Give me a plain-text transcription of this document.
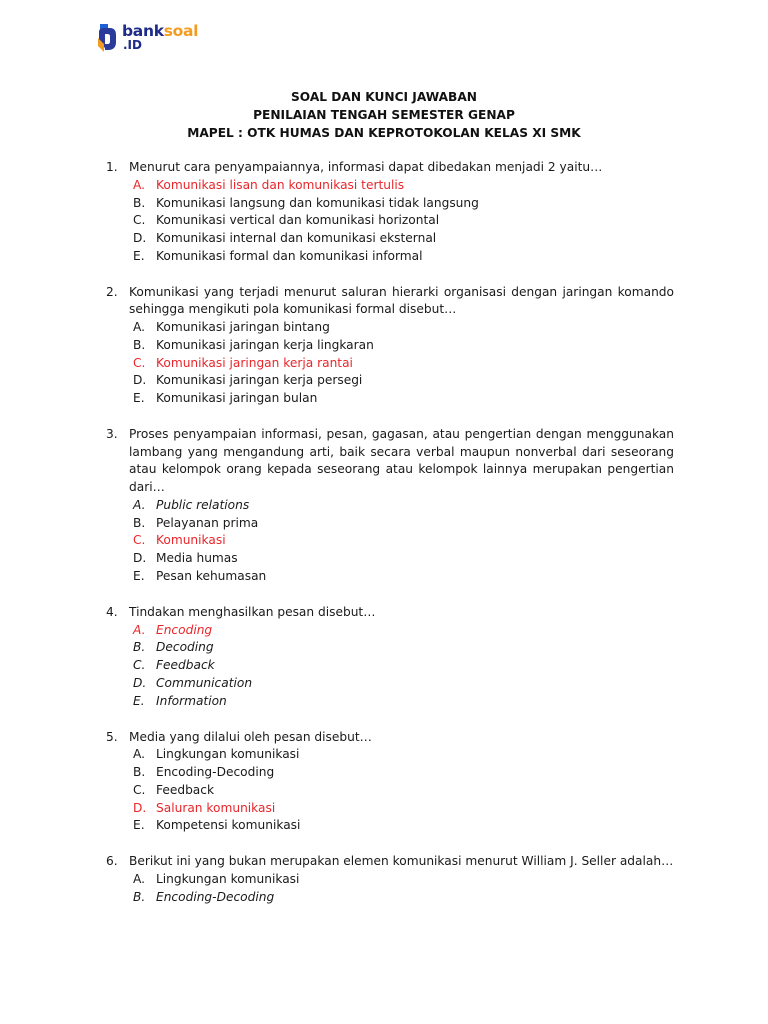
banksoal
.ID
SOAL DAN KUNCI JAWABAN
PENILAIAN TENGAH SEMESTER GENAP
MAPEL : OTK HUMAS DAN KEPROTOKOLAN KELAS XI SMK
1. Menurut cara penyampaiannya, informasi dapat dibedakan menjadi 2 yaitu…
A. Komunikasi lisan dan komunikasi tertulis
B. Komunikasi langsung dan komunikasi tidak langsung
C. Komunikasi vertical dan komunikasi horizontal
D. Komunikasi internal dan komunikasi eksternal
E. Komunikasi formal dan komunikasi informal
2. Komunikasi yang terjadi menurut saluran hierarki organisasi dengan jaringan komando sehingga mengikuti pola komunikasi formal disebut…
A. Komunikasi jaringan bintang
B. Komunikasi jaringan kerja lingkaran
C. Komunikasi jaringan kerja rantai
D. Komunikasi jaringan kerja persegi
E. Komunikasi jaringan bulan
3. Proses penyampaian informasi, pesan, gagasan, atau pengertian dengan menggunakan lambang yang mengandung arti, baik secara verbal maupun nonverbal dari seseorang atau kelompok orang kepada seseorang atau kelompok lainnya merupakan pengertian dari…
A. Public relations
B. Pelayanan prima
C. Komunikasi
D. Media humas
E. Pesan kehumasan
4. Tindakan menghasilkan pesan disebut…
A. Encoding
B. Decoding
C. Feedback
D. Communication
E. Information
5. Media yang dilalui oleh pesan disebut…
A. Lingkungan komunikasi
B. Encoding-Decoding
C. Feedback
D. Saluran komunikasi
E. Kompetensi komunikasi
6. Berikut ini yang bukan merupakan elemen komunikasi menurut William J. Seller adalah…
A. Lingkungan komunikasi
B. Encoding-Decoding
